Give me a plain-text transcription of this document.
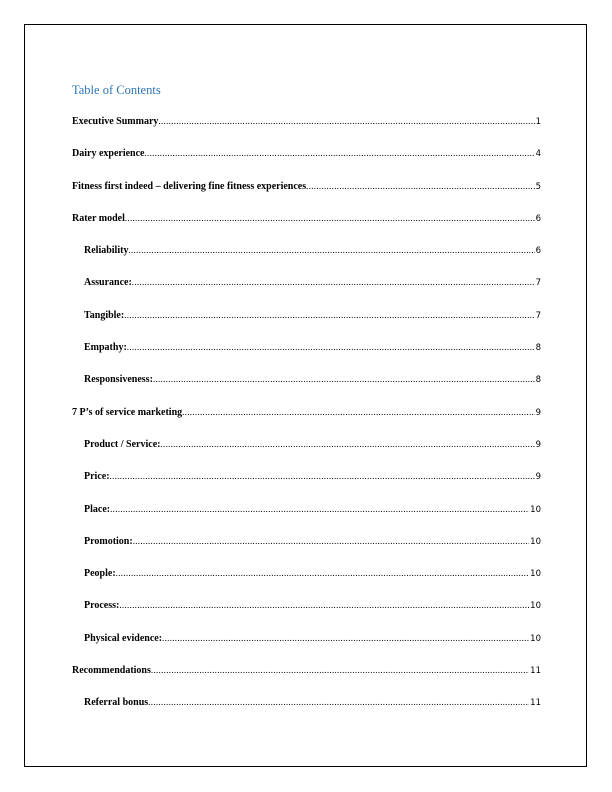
Table of Contents
Executive Summary .....	1
Dairy experience .....	4
Fitness first indeed – delivering fine fitness experiences .....	5
Rater model .....	6
Reliability .....	6
Assurance: .....	7
Tangible: .....	7
Empathy: .....	8
Responsiveness: .....	8
7 P’s of service marketing .....	9
Product / Service: .....	9
Price: .....	9
Place: .....	10
Promotion: .....	10
People: .....	10
Process: .....	10
Physical evidence: .....	10
Recommendations .....	11
Referral bonus .....	11
